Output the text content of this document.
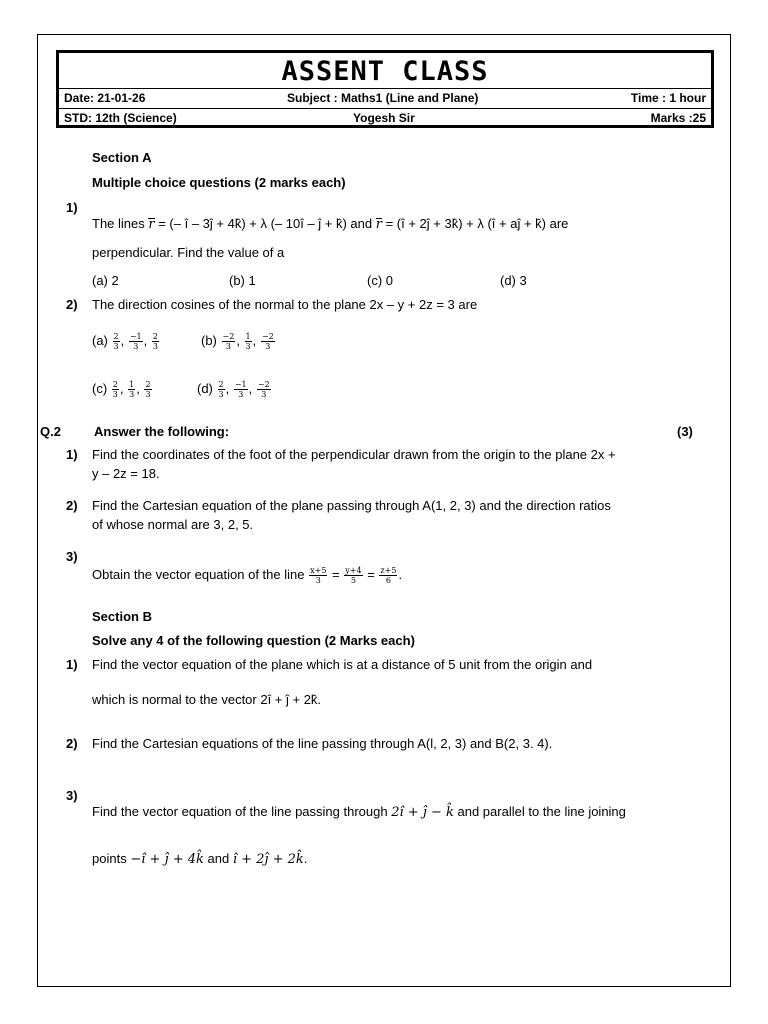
ASSENT CLASS
Date: 21-01-26	Subject : Maths1 (Line and Plane)	Time : 1 hour
STD: 12th (Science)	Yogesh Sir	Marks :25
Section A
Multiple choice questions (2 marks each)
1)
The lines r = (– î – 3ĵ + 4k̂) + λ (– 10î – ĵ + k̂) and r = (î + 2ĵ + 3k̂) + λ (î + aĵ + k̂) are
perpendicular. Find the value of a
(a) 2	(b) 1	(c) 0	(d) 3
2) The direction cosines of the normal to the plane 2x – y + 2z = 3 are
$(a) \frac{2}{3}$ , $\frac{-1}{3}$ , $\frac{2}{3}$	$(b) \frac{-2}{3}$ , $\frac{1}{3}$ , $\frac{-2}{3}$
$(c) \frac{2}{3}$ , $\frac{1}{3}$ , $\frac{2}{3}$	$(d) \frac{2}{3}$ , $\frac{-1}{3}$ , $\frac{-2}{3}$
Q.2	Answer the following:	(3)
1) Find the coordinates of the foot of the perpendicular drawn from the origin to the plane 2x +
y – 2z = 18.
2) Find the Cartesian equation of the plane passing through A(1, 2, 3) and the direction ratios
of whose normal are 3, 2, 5.
3)
Obtain the vector equation of the line $\frac{x+5}{3} = \frac{y+4}{5} = \frac{z+5}{6}$ .
Section B
Solve any 4 of the following question (2 Marks each)
1) Find the vector equation of the plane which is at a distance of 5 unit from the origin and
which is normal to the vector 2î + ĵ + 2k̂.
2) Find the Cartesian equations of the line passing through A(l, 2, 3) and B(2, 3. 4).
3)
Find the vector equation of the line passing through 2î + ĵ − k̂ and parallel to the line joining
points −î + ĵ + 4k̂ and î + 2ĵ + 2k̂.
